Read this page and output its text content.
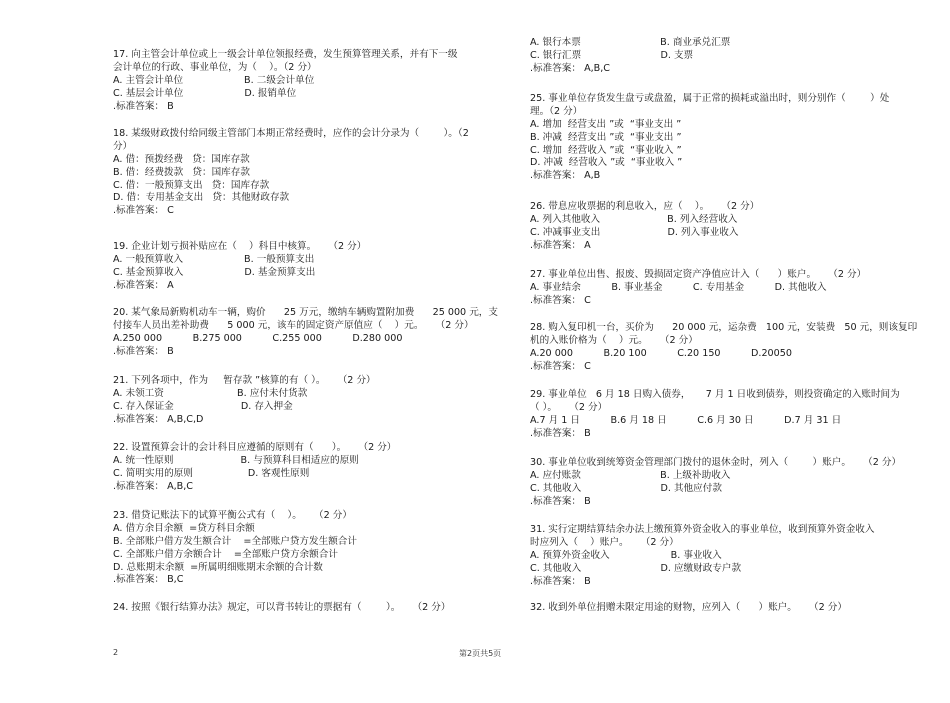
17. 向主管会计单位或上一级会计单位领报经费，发生预算管理关系，并有下一级
会计单位的行政、事业单位，为（    ）。（2 分）
A. 主管会计单位                    B. 二级会计单位
C. 基层会计单位                    D. 报销单位
.标准答案： B
18. 某级财政拨付给同级主管部门本期正常经费时，应作的会计分录为（        ）。（2
分）
A. 借：预拨经费   贷：国库存款
B. 借：经费拨款   贷：国库存款
C. 借：一般预算支出   贷：国库存款
D. 借：专用基金支出   贷：其他财政存款
.标准答案： C
19. 企业计划亏损补贴应在（    ）科目中核算。    （2 分）
A. 一般预算收入                    B. 一般预算支出
C. 基金预算收入                    D. 基金预算支出
.标准答案： A
20. 某气象局新购机动车一辆，购价      25 万元，缴纳车辆购置附加费      25 000 元，支
付接车人员出差补助费      5 000 元，该车的固定资产原值应（    ）元。    （2 分）
A.250 000          B.275 000          C.255 000          D.280 000
.标准答案： B
21. 下列各项中，作为     暂存款 ”核算的有（ ）。    （2 分）
A. 未领工资                        B. 应付未付货款
C. 存入保证金                      D. 存入押金
.标准答案： A,B,C,D
22. 设置预算会计的会计科目应遵循的原则有（      ）。    （2 分）
A. 统一性原则                      B. 与预算科目相适应的原则
C. 简明实用的原则                  D. 客观性原则
.标准答案： A,B,C
23. 借贷记账法下的试算平衡公式有（    ）。    （2 分）
A. 借方余目余额  =贷方科目余额
B. 全部账户借方发生额合计    =全部账户贷方发生额合计
C. 全部账户借方余额合计    =全部账户贷方余额合计
D. 总账期末余额  =所属明细账期末余额的合计数
.标准答案： B,C
24. 按照《银行结算办法》规定，可以背书转让的票据有（        ）。    （2 分）
A. 银行本票                          B. 商业承兑汇票
C. 银行汇票                          D. 支票
.标准答案： A,B,C
25. 事业单位存货发生盘亏或盘盈，属于正常的损耗或溢出时，则分别作（        ）处
理。（2 分）
A. 增加  经营支出 ”或  “事业支出 ”
B. 冲减  经营支出 ”或  “事业支出 ”
C. 增加  经营收入 ”或  “事业收入 ”
D. 冲减  经营收入 ”或  “事业收入 ”
.标准答案： A,B
26. 带息应收票据的利息收入，应（    ）。    （2 分）
A. 列入其他收入                      B. 列入经营收入
C. 冲减事业支出                      D. 列入事业收入
.标准答案： A
27. 事业单位出售、报废、毁损固定资产净值应计入（      ）账户。    （2 分）
A. 事业结余          B. 事业基金          C. 专用基金          D. 其他收入
.标准答案： C
28. 购入复印机一台，买价为      20 000 元，运杂费   100 元，安装费   50 元，则该复印
机的入账价格为（    ）元。    （2 分）
A.20 000          B.20 100          C.20 150          D.20050
.标准答案： C
29. 事业单位   6 月 18 日购入债券，     7 月 1 日收到债券，则投资确定的入账时间为
（ ）。    （2 分）
A.7 月 1 日          B.6 月 18 日          C.6 月 30 日          D.7 月 31 日
.标准答案： B
30. 事业单位收到统筹资金管理部门拨付的退休金时，列入（        ）账户。    （2 分）
A. 应付账款                          B. 上级补助收入
C. 其他收入                          D. 其他应付款
.标准答案： B
31. 实行定期结算结余办法上缴预算外资金收入的事业单位，收到预算外资金收入
时应列入（    ）账户。    （2 分）
A. 预算外资金收入                    B. 事业收入
C. 其他收入                          D. 应缴财政专户款
.标准答案： B
32. 收到外单位捐赠未限定用途的财物，应列入（      ）账户。    （2 分）
2	第2页共5页
